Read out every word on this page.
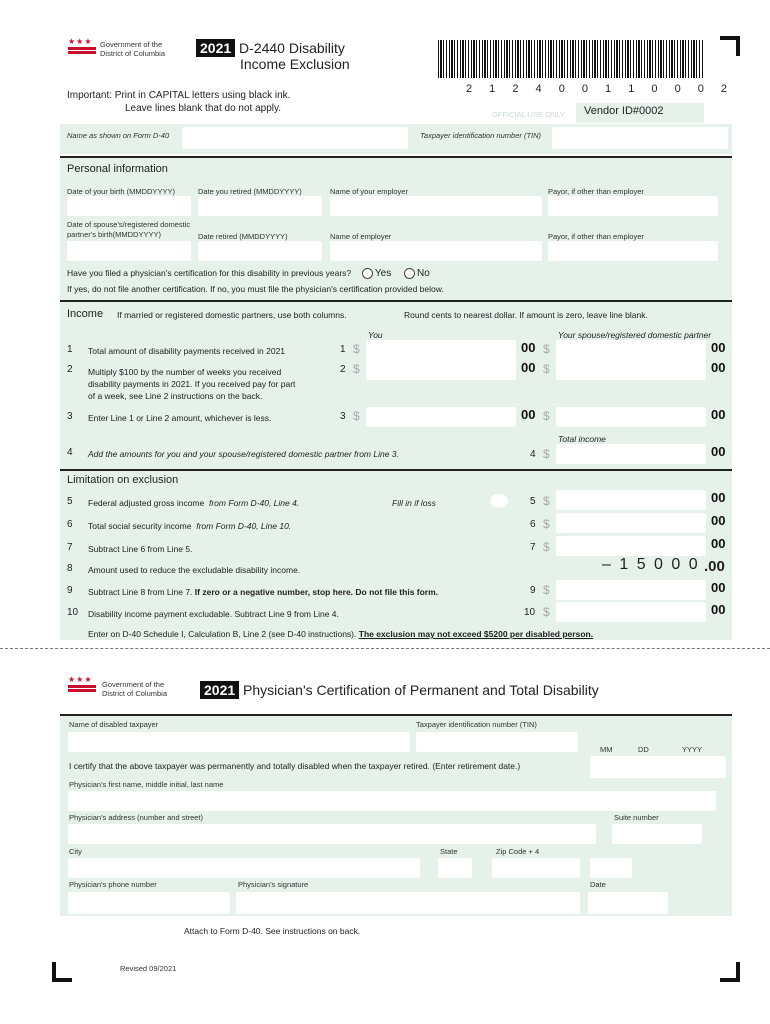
★★★ Government of the
District of Columbia 2021 D-2440 Disability
Income Exclusion
2 1 2 4 0 0 1 1 0 0 0 2
Important: Print in CAPITAL letters using black ink.
Leave lines blank that do not apply.
OFFICIAL USE ONLY	Vendor ID#0002
Name as shown on Form D-40	Taxpayer identification number (TIN)
Personal information
Date of your birth (MMDDYYYY)	Date you retired (MMDDYYYY)	Name of your employer	Payor, if other than employer
Date of spouse's/registered domestic
partner's birth(MMDDYYYY)	Date retired (MMDDYYYY)	Name of employer	Payor, if other than employer
Have you filed a physician's certification for this disability in previous years? Yes	No
If yes, do not file another certification. If no, you must file the physician's certification provided below.
Income If married or registered domestic partners, use both columns.	Round cents to nearest dollar. If amount is zero, leave line blank.
You	Your spouse/registered domestic partner
1 Total amount of disability payments received in 2021	1 $	00 $	00
2 Multiply $100 by the number of weeks you received
disability payments in 2021. If you received pay for part
of a week, see Line 2 instructions on the back.
2 $	00 $	00
3 Enter Line 1 or Line 2 amount, whichever is less.	3 $	00 $	00
Total income
4 Add the amounts for you and your spouse/registered domestic partner from Line 3.	4 $	00
Limitation on exclusion
5 Federal adjusted gross income from Form D-40, Line 4.	Fill in if loss	5 $	00
6 Total social security income from Form D-40, Line 10.	6 $	00
7 Subtract Line 6 from Line 5.	7 $	00
8 Amount used to reduce the excludable disability income.	– 1 5 0 0 0 .00
9 Subtract Line 8 from Line 7. If zero or a negative number, stop here. Do not file this form.	9 $	00
10 Disability income payment excludable. Subtract Line 9 from Line 4.	10 $	00
Enter on D-40 Schedule I, Calculation B, Line 2 (see D-40 instructions). The exclusion may not exceed $5200 per disabled person.
★★★
Government of the
District of Columbia	2021 Physician's Certification of Permanent and Total Disability
Name of disabled taxpayer	Taxpayer identification number (TIN)
MM	DD	YYYY
I certify that the above taxpayer was permanently and totally disabled when the taxpayer retired. (Enter retirement date.)
Physician's first name, middle initial, last name
Physician's address (number and street)	Suite number
City	State	Zip Code + 4
Physician's phone number	Physician's signature	Date
Attach to Form D-40. See instructions on back.
Revised 09/2021
